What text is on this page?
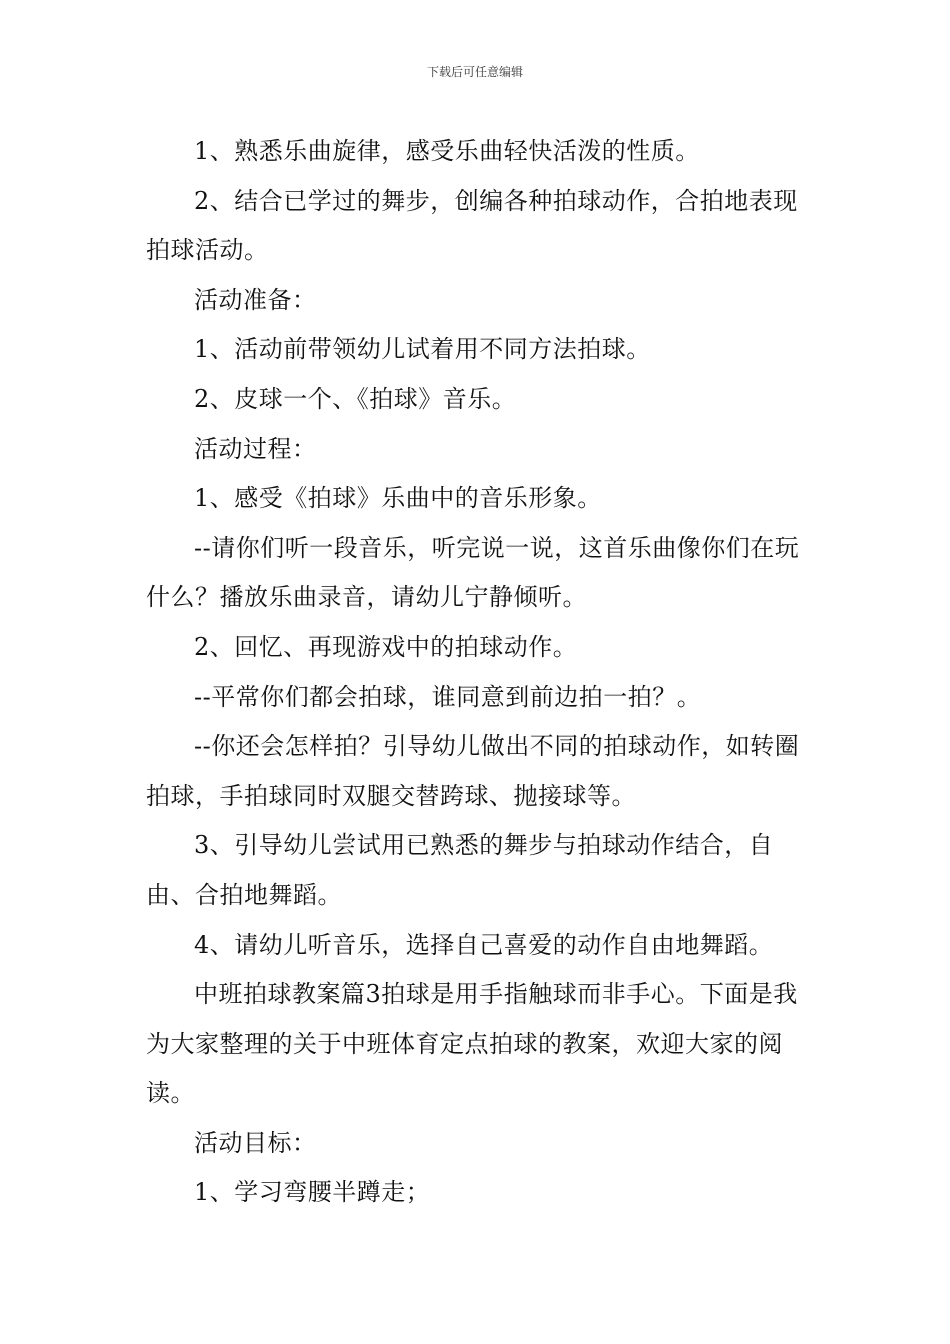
下载后可任意编辑

1、熟悉乐曲旋律，感受乐曲轻快活泼的性质。

2、结合已学过的舞步，创编各种拍球动作，合拍地表现拍球活动。

活动准备：

1、活动前带领幼儿试着用不同方法拍球。

2、皮球一个、《拍球》音乐。

活动过程：

1、感受《拍球》乐曲中的音乐形象。

--请你们听一段音乐，听完说一说，这首乐曲像你们在玩什么？播放乐曲录音，请幼儿宁静倾听。

2、回忆、再现游戏中的拍球动作。

--平常你们都会拍球，谁同意到前边拍一拍？。

--你还会怎样拍？引导幼儿做出不同的拍球动作，如转圈拍球，手拍球同时双腿交替跨球、抛接球等。

3、引导幼儿尝试用已熟悉的舞步与拍球动作结合，自由、合拍地舞蹈。

4、请幼儿听音乐，选择自己喜爱的动作自由地舞蹈。

中班拍球教案篇3拍球是用手指触球而非手心。下面是我为大家整理的关于中班体育定点拍球的教案，欢迎大家的阅读。

活动目标：

1、学习弯腰半蹲走；
